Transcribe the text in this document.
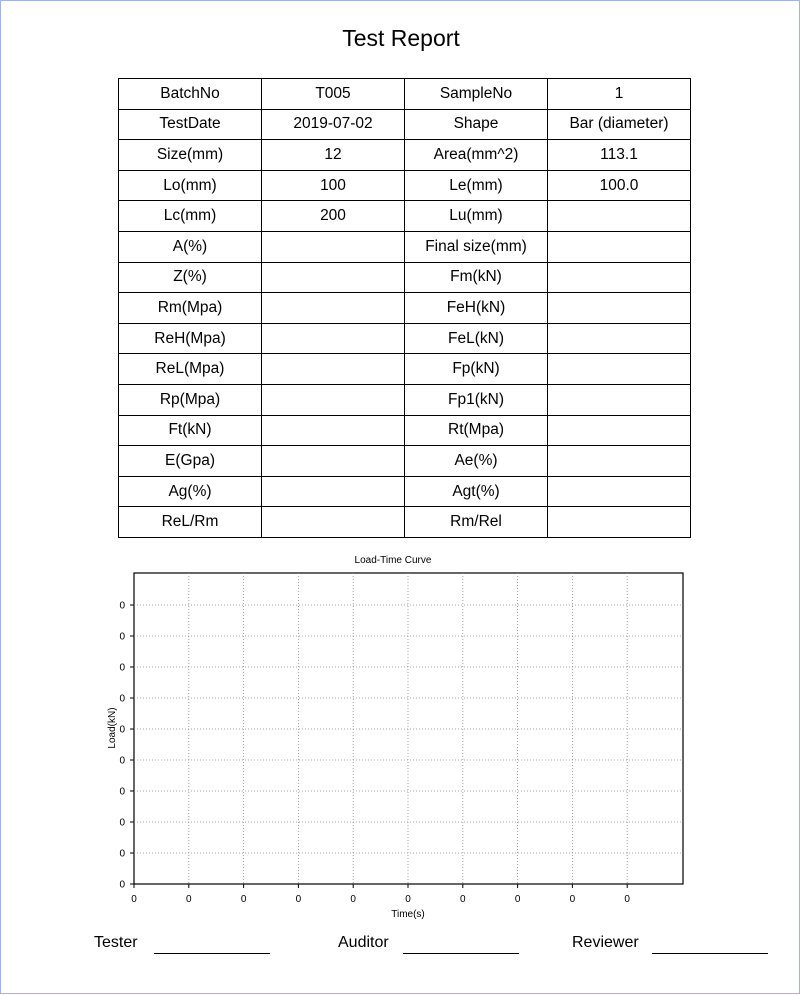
Test Report
BatchNo	T005	SampleNo	1
TestDate	2019-07-02	Shape	Bar (diameter)
Size(mm)	12	Area(mm^2)	113.1
Lo(mm)	100	Le(mm)	100.0
Lc(mm)	200	Lu(mm)	
A(%)		Final size(mm)	
Z(%)		Fm(kN)	
Rm(Mpa)		FeH(kN)	
ReH(Mpa)		FeL(kN)	
ReL(Mpa)		Fp(kN)	
Rp(Mpa)		Fp1(kN)	
Ft(kN)		Rt(Mpa)	
E(Gpa)		Ae(%)	
Ag(%)		Agt(%)	
ReL/Rm		Rm/Rel	
Load-Time Curve
0
0
0
0
0
0
0
0
0
0
0	0	0	0	0	0	0	0	0	0
Time(s)
Load(kN)
Tester	Auditor	Reviewer
